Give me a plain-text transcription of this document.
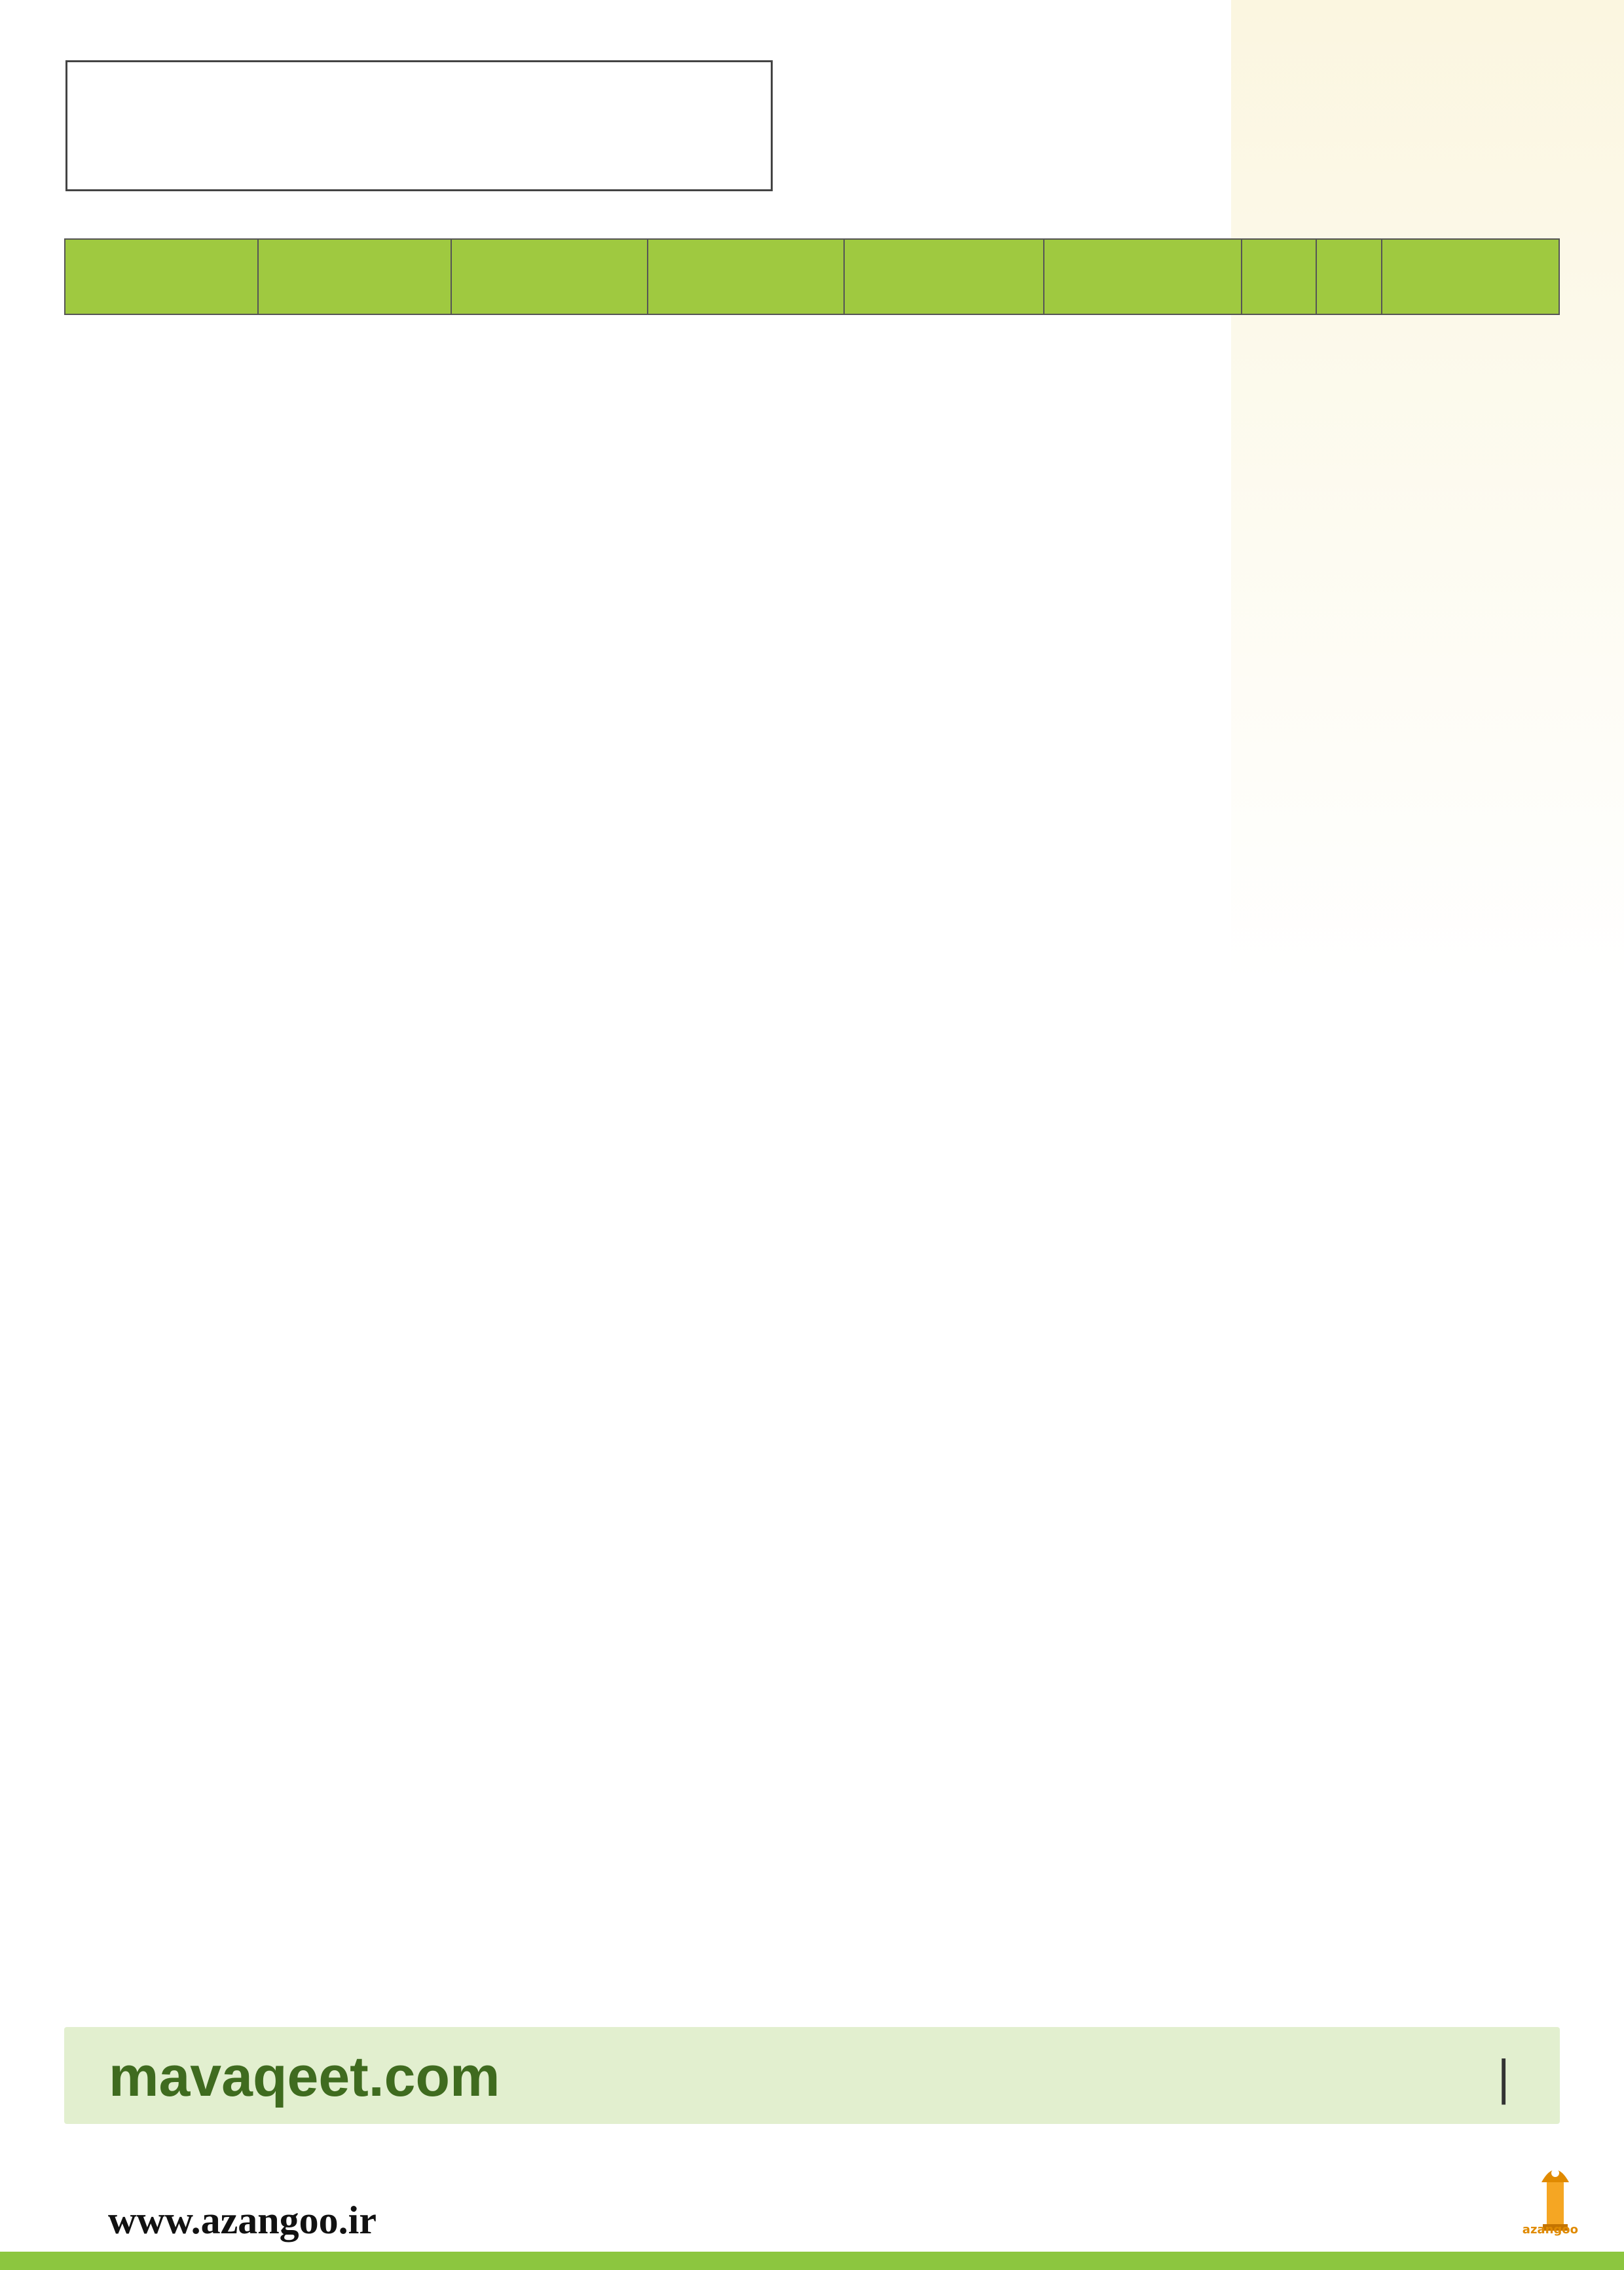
mavaqeet.com	|
www.azangoo.ir	azangoo
